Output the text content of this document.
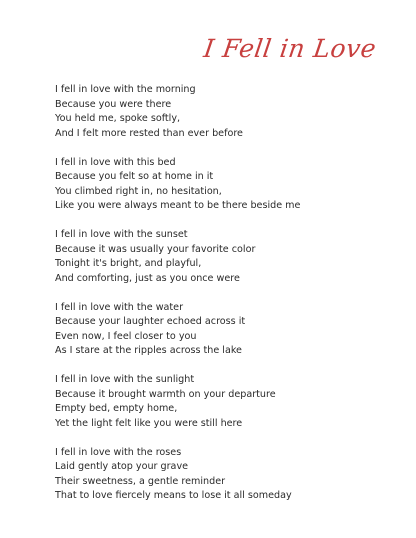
I Fell in Love
I fell in love with the morning
Because you were there
You held me, spoke softly,
And I felt more rested than ever before
I fell in love with this bed
Because you felt so at home in it
You climbed right in, no hesitation,
Like you were always meant to be there beside me
I fell in love with the sunset
Because it was usually your favorite color
Tonight it's bright, and playful,
And comforting, just as you once were
I fell in love with the water
Because your laughter echoed across it
Even now, I feel closer to you
As I stare at the ripples across the lake
I fell in love with the sunlight
Because it brought warmth on your departure
Empty bed, empty home,
Yet the light felt like you were still here
I fell in love with the roses
Laid gently atop your grave
Their sweetness, a gentle reminder
That to love fiercely means to lose it all someday
